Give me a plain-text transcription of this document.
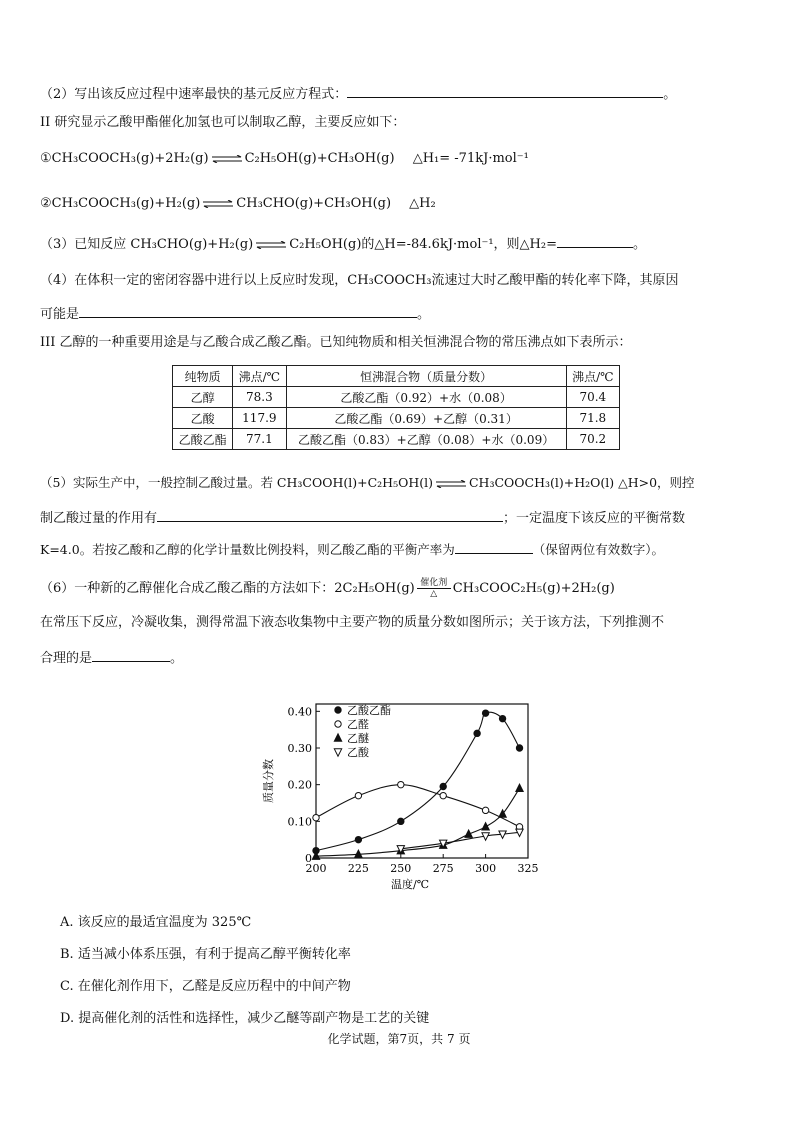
（2）写出该反应过程中速率最快的基元反应方程式：	。
II 研究显示乙酸甲酯催化加氢也可以制取乙醇，主要反应如下：
①CH₃COOCH₃(g)+2H₂(g) ⇌ C₂H₅OH(g)+CH₃OH(g) △H₁= -71kJ·mol⁻¹
②CH₃COOCH₃(g)+H₂(g) ⇌ CH₃CHO(g)+CH₃OH(g) △H₂
（3）已知反应 CH₃CHO(g)+H₂(g) ⇌ C₂H₅OH(g)的△H=-84.6kJ·mol⁻¹，则△H₂=	。
（4）在体积一定的密闭容器中进行以上反应时发现，CH₃COOCH₃流速过大时乙酸甲酯的转化率下降，其原因
可能是	。
III 乙醇的一种重要用途是与乙酸合成乙酸乙酯。已知纯物质和相关恒沸混合物的常压沸点如下表所示：
纯物质	沸点/℃	恒沸混合物（质量分数）	沸点/℃
乙醇	78.3	乙酸乙酯（0.92）+水（0.08）	70.4
乙酸	117.9	乙酸乙酯（0.69）+乙醇（0.31）	71.8
乙酸乙酯	77.1	乙酸乙酯（0.83）+乙醇（0.08）+水（0.09）	70.2
（5）实际生产中，一般控制乙酸过量。若 CH₃COOH(l)+C₂H₅OH(l) ⇌ CH₃COOCH₃(l)+H₂O(l) △H>0，则控
制乙酸过量的作用有	；一定温度下该反应的平衡常数
K=4.0。若按乙酸和乙醇的化学计量数比例投料，则乙酸乙酯的平衡产率为	（保留两位有效数字）。
（6）一种新的乙醇催化合成乙酸乙酯的方法如下：2C₂H₅OH(g) 催化剂
△ CH₃COOC₂H₅(g)+2H₂(g)
在常压下反应，冷凝收集，测得常温下液态收集物中主要产物的质量分数如图所示；关于该方法，下列推测不
合理的是	。
200 225 250 275 300 325
0
0.10
0.20
0.30
0.40
温度/℃
质量分数
乙酸乙酯
乙醛
乙醚
乙酸
A. 该反应的最适宜温度为 325℃
B. 适当减小体系压强，有利于提高乙醇平衡转化率
C. 在催化剂作用下，乙醛是反应历程中的中间产物
D. 提高催化剂的活性和选择性，减少乙醚等副产物是工艺的关键
化学试题，第7页，共 7 页
